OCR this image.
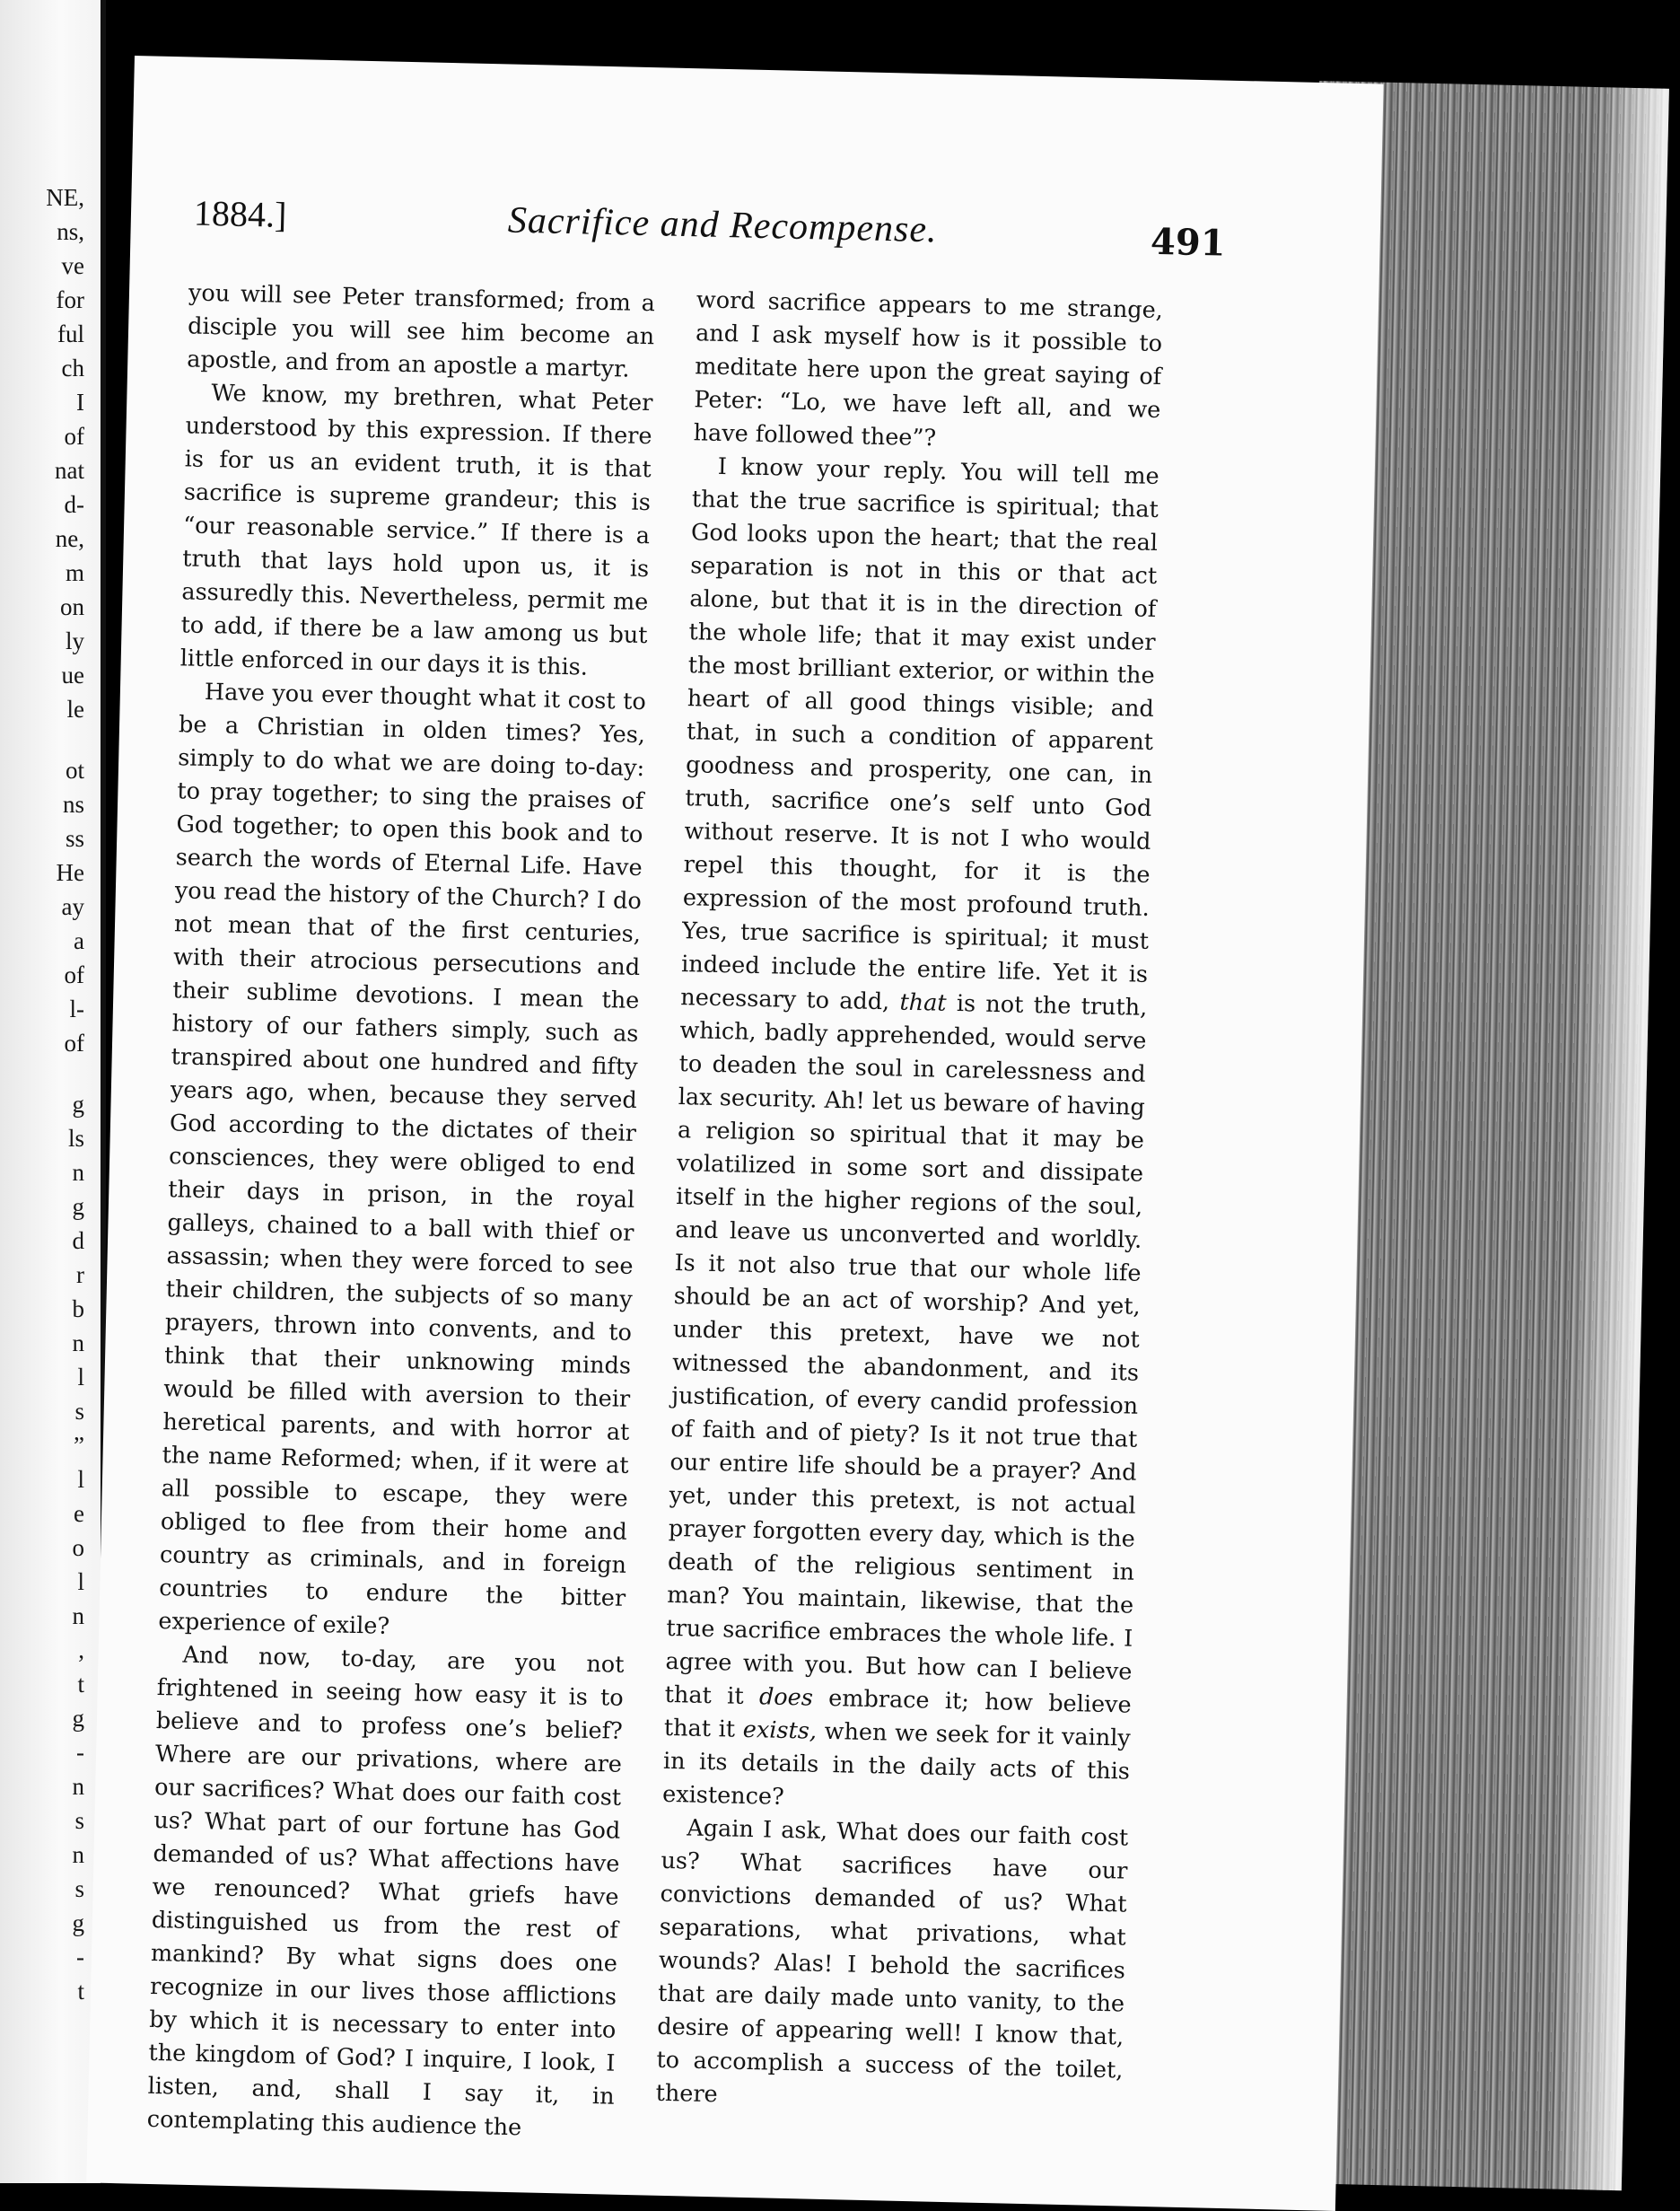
NE,
ns,
ve
for
ful
ch
I
of
nat
d-
ne,
m
on
ly
ue
le
ot
ns
ss
He
ay
a
of
l-
of
g
ls
n
g
d
r
b
n
l
s
”
l
e
o
l
n
,
t
g
-
n
s
n
s
g
-
t
1884.]	Sacrifice and Recompense.	491

you will see Peter transformed; from a disciple you will see him become an apostle, and from an apostle a martyr.

We know, my brethren, what Peter understood by this expression. If there is for us an evident truth, it is that sacrifice is supreme grandeur; this is “our reasonable service.” If there is a truth that lays hold upon us, it is assuredly this. Nevertheless, permit me to add, if there be a law among us but little enforced in our days it is this.

Have you ever thought what it cost to be a Christian in olden times? Yes, simply to do what we are doing to-day: to pray together; to sing the praises of God together; to open this book and to search the words of Eternal Life. Have you read the history of the Church? I do not mean that of the first centuries, with their atrocious persecutions and their sublime devotions. I mean the history of our fathers simply, such as transpired about one hundred and fifty years ago, when, because they served God according to the dictates of their consciences, they were obliged to end their days in prison, in the royal galleys, chained to a ball with thief or assassin; when they were forced to see their children, the subjects of so many prayers, thrown into convents, and to think that their unknowing minds would be filled with aversion to their heretical parents, and with horror at the name Reformed; when, if it were at all possible to escape, they were obliged to flee from their home and country as criminals, and in foreign countries to endure the bitter experience of exile?

And now, to-day, are you not frightened in seeing how easy it is to believe and to profess one’s belief? Where are our privations, where are our sacrifices? What does our faith cost us? What part of our fortune has God demanded of us? What affections have we renounced? What griefs have distinguished us from the rest of mankind? By what signs does one recognize in our lives those afflictions by which it is necessary to enter into the kingdom of God? I inquire, I look, I listen, and, shall I say it, in contemplating this audience the

word sacrifice appears to me strange, and I ask myself how is it possible to meditate here upon the great saying of Peter: “Lo, we have left all, and we have followed thee”?

I know your reply. You will tell me that the true sacrifice is spiritual; that God looks upon the heart; that the real separation is not in this or that act alone, but that it is in the direction of the whole life; that it may exist under the most brilliant exterior, or within the heart of all good things visible; and that, in such a condition of apparent goodness and prosperity, one can, in truth, sacrifice one’s self unto God without reserve. It is not I who would repel this thought, for it is the expression of the most profound truth. Yes, true sacrifice is spiritual; it must indeed include the entire life. Yet it is necessary to add, that is not the truth, which, badly apprehended, would serve to deaden the soul in carelessness and lax security. Ah! let us beware of having a religion so spiritual that it may be volatilized in some sort and dissipate itself in the higher regions of the soul, and leave us unconverted and worldly. Is it not also true that our whole life should be an act of worship? And yet, under this pretext, have we not witnessed the abandonment, and its justification, of every candid profession of faith and of piety? Is it not true that our entire life should be a prayer? And yet, under this pretext, is not actual prayer forgotten every day, which is the death of the religious sentiment in man? You maintain, likewise, that the true sacrifice embraces the whole life. I agree with you. But how can I believe that it does embrace it; how believe that it exists, when we seek for it vainly in its details in the daily acts of this existence?

Again I ask, What does our faith cost us? What sacrifices have our convictions demanded of us? What separations, what privations, what wounds? Alas! I behold the sacrifices that are daily made unto vanity, to the desire of appearing well! I know that, to accomplish a success of the toilet, there
